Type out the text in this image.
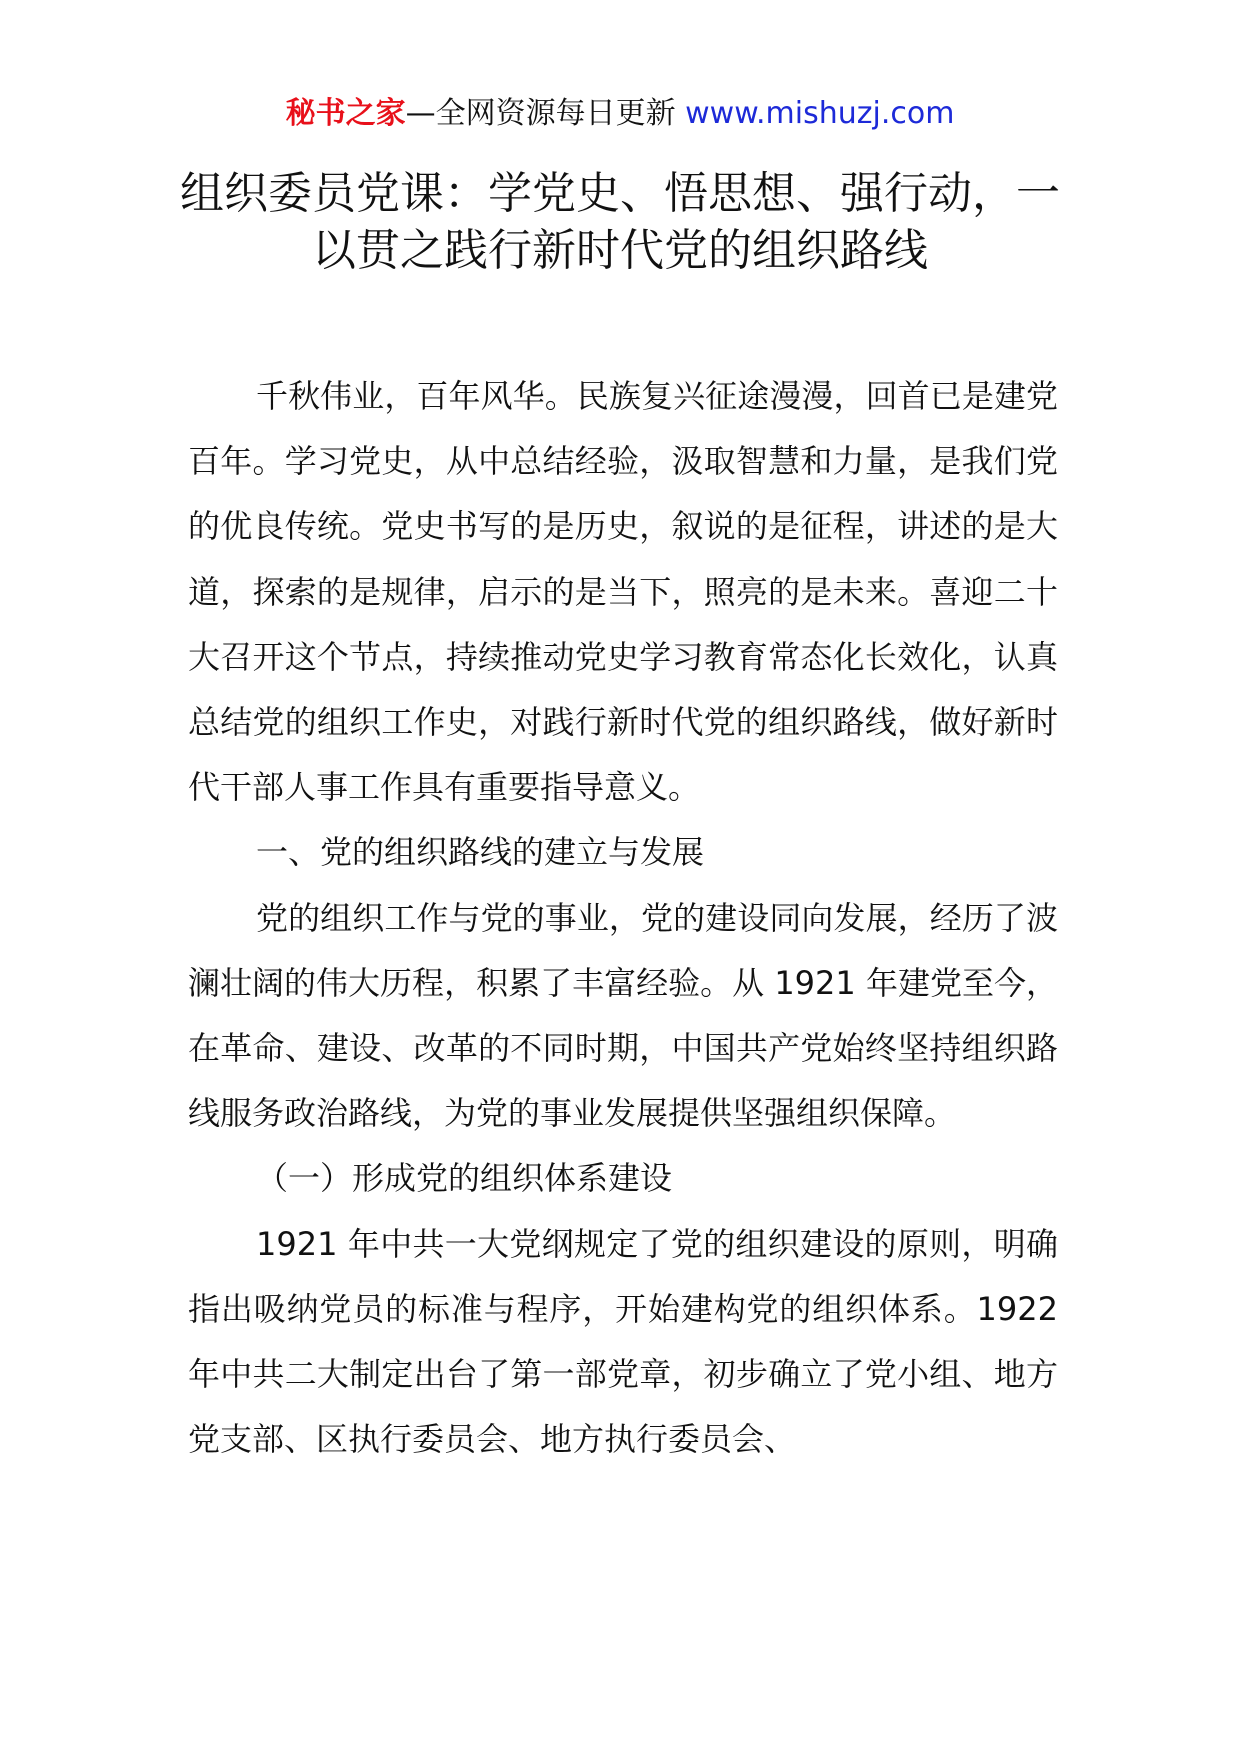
秘书之家—全网资源每日更新 www.mishuzj.com
组织委员党课：学党史、悟思想、强行动，一以贯之践行新时代党的组织路线

千秋伟业，百年风华。民族复兴征途漫漫，回首已是建党百年。学习党史，从中总结经验，汲取智慧和力量，是我们党的优良传统。党史书写的是历史，叙说的是征程，讲述的是大道，探索的是规律，启示的是当下，照亮的是未来。喜迎二十大召开这个节点，持续推动党史学习教育常态化长效化，认真总结党的组织工作史，对践行新时代党的组织路线，做好新时代干部人事工作具有重要指导意义。

一、党的组织路线的建立与发展

党的组织工作与党的事业，党的建设同向发展，经历了波澜壮阔的伟大历程，积累了丰富经验。从 1921 年建党至今，在革命、建设、改革的不同时期，中国共产党始终坚持组织路线服务政治路线，为党的事业发展提供坚强组织保障。

（一）形成党的组织体系建设

1921 年中共一大党纲规定了党的组织建设的原则，明确指出吸纳党员的标准与程序，开始建构党的组织体系。1922 年中共二大制定出台了第一部党章，初步确立了党小组、地方党支部、区执行委员会、地方执行委员会、
